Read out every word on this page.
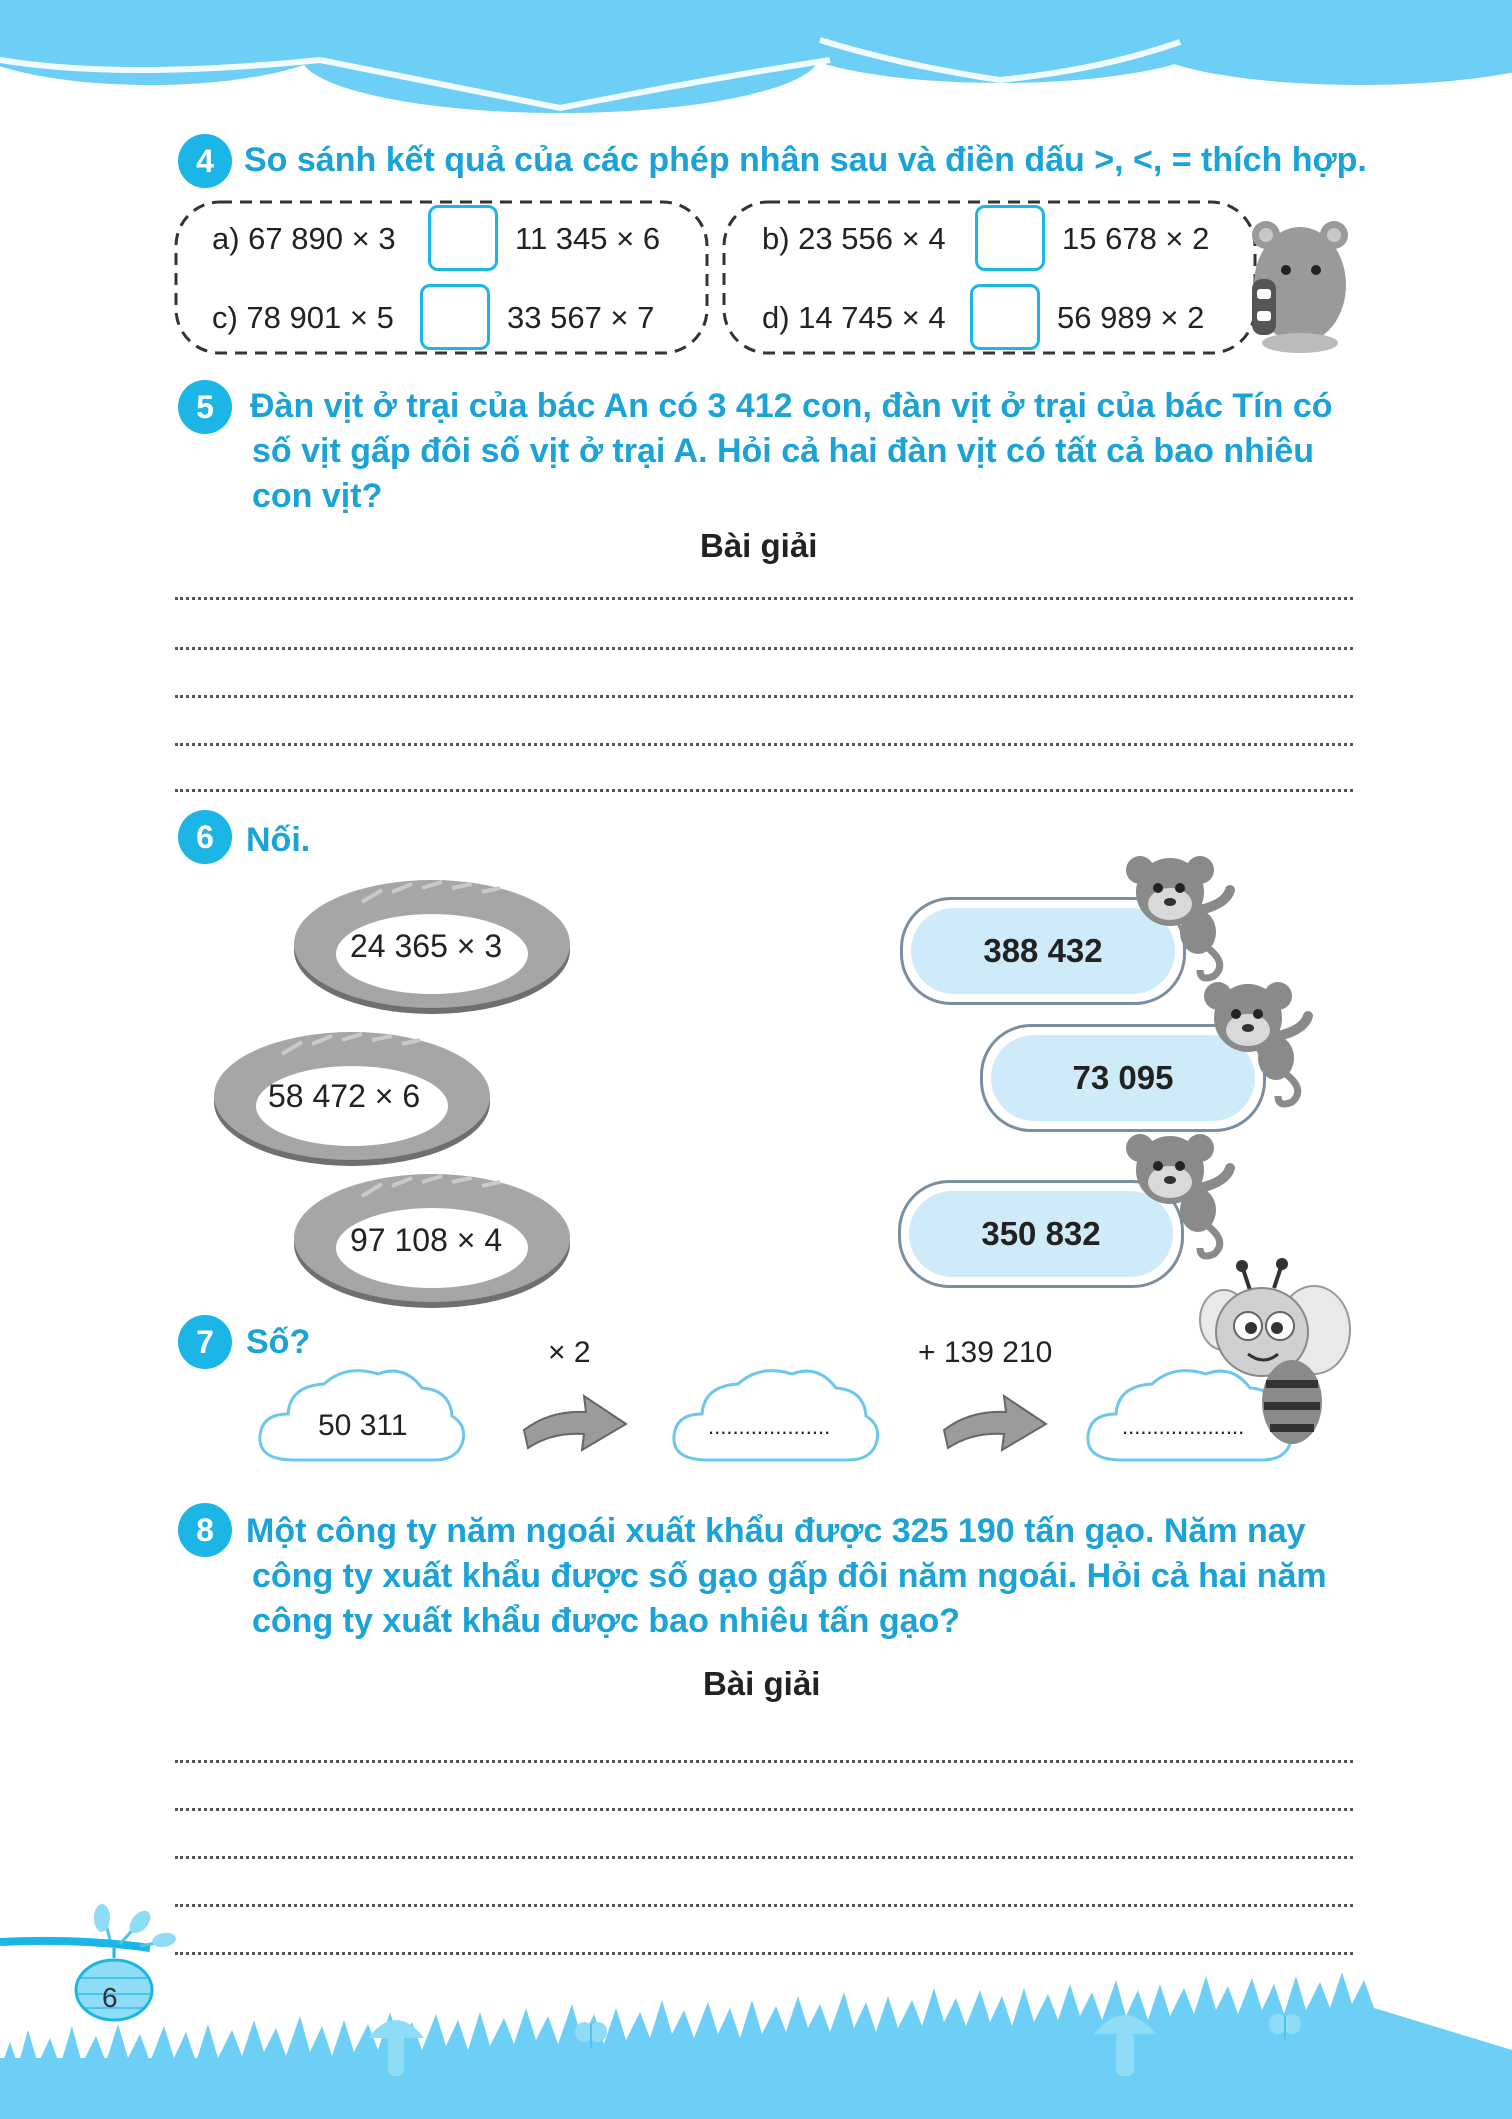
4 So sánh kết quả của các phép nhân sau và điền dấu >, <, = thích hợp.
a) 67 890 × 3	11 345 × 6
c) 78 901 × 5	33 567 × 7
b) 23 556 × 4	15 678 × 2
d) 14 745 × 4	56 989 × 2
5	Đàn vịt ở trại của bác An có 3 412 con, đàn vịt ở trại của bác Tín có
số vịt gấp đôi số vịt ở trại A. Hỏi cả hai đàn vịt có tất cả bao nhiêu
con vịt?
Bài giải
6 Nối.
24 365 × 3
58 472 × 6
97 108 × 4
388 432
73 095
350 832
7 Số?	× 2	+ 139 210
50 311	....................	....................
8 Một công ty năm ngoái xuất khẩu được 325 190 tấn gạo. Năm nay
công ty xuất khẩu được số gạo gấp đôi năm ngoái. Hỏi cả hai năm
công ty xuất khẩu được bao nhiêu tấn gạo?
Bài giải
6
